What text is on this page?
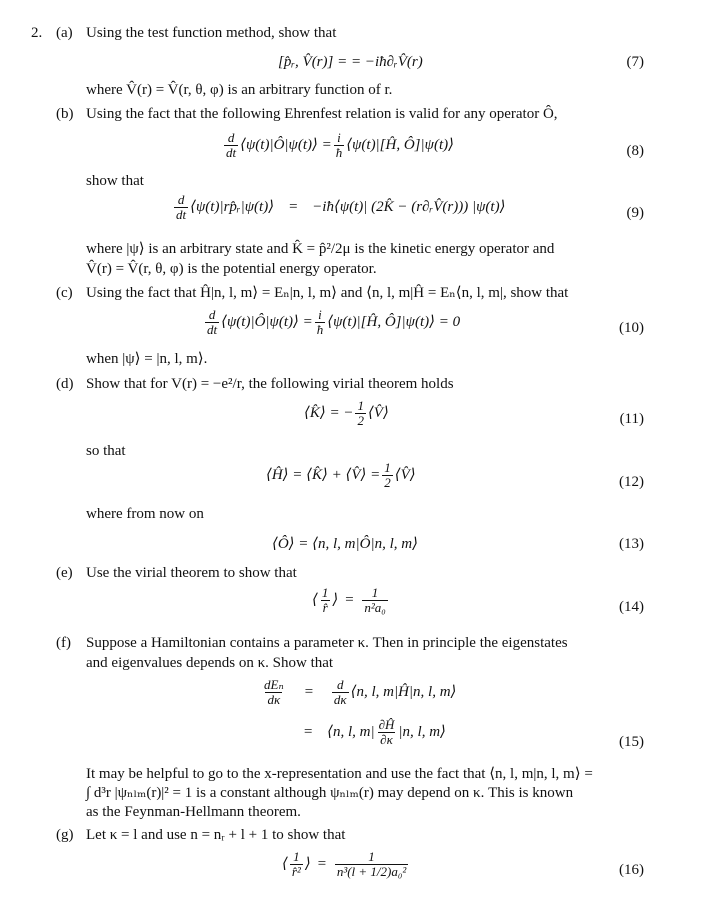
2. (a) Using the test function method, show that
[p̂ᵣ, V̂(r)] = = −iħ∂ᵣV̂(r)	(7)
where V̂(r) = V̂(r, θ, φ) is an arbitrary function of r.
(b) Using the fact that the following Ehrenfest relation is valid for any operator Ô,
$\frac{d}{dt}$ ⟨ψ(t)|Ô|ψ(t)⟩ = $\frac{i}{ħ}$ ⟨ψ(t)|[Ĥ, Ô]|ψ(t)⟩	(8)
show that
$\frac{d}{dt}$ ⟨ψ(t)|rp̂ᵣ|ψ(t)⟩ = −iħ⟨ψ(t)| (2K̂ − (r∂ᵣV̂(r))) |ψ(t)⟩	(9)
where |ψ⟩ is an arbitrary state and K̂ = p̂²/2μ is the kinetic energy operator and
V̂(r) = V̂(r, θ, φ) is the potential energy operator.
(c) Using the fact that Ĥ|n, l, m⟩ = Eₙ|n, l, m⟩ and ⟨n, l, m|Ĥ = Eₙ⟨n, l, m|, show that
$\frac{d}{dt}$ ⟨ψ(t)|Ô|ψ(t)⟩ = $\frac{i}{ħ}$ ⟨ψ(t)|[Ĥ, Ô]|ψ(t)⟩ = 0	(10)
when |ψ⟩ = |n, l, m⟩.
(d) Show that for V(r) = −e²/r, the following virial theorem holds
⟨K̂⟩ = − $\frac{1}{2}$ ⟨V̂⟩	(11)
so that
⟨Ĥ⟩ = ⟨K̂⟩ + ⟨V̂⟩ = $\frac{1}{2}$ ⟨V̂⟩	(12)
where from now on
⟨Ô⟩ = ⟨n, l, m|Ô|n, l, m⟩	(13)
(e) Use the virial theorem to show that
⟨ $\frac{1}{r̂}$ ⟩ = $\frac{1}{\text{n²a₀}}$	(14)
(f) Suppose a Hamiltonian contains a parameter κ. Then in principle the eigenstates
and eigenvalues depends on κ. Show that
$\frac{\text{dEₙ}}{d\kappa} = \frac{d}{d\kappa}$ ⟨n, l, m|Ĥ|n, l, m⟩
= ⟨n, l, $m| \frac{\partial Ĥ}{\partial\kappa} |n$, l, m⟩
(15)
It may be helpful to go to the x-representation and use the fact that ⟨n, l, m|n, l, m⟩ =
∫ d³r |ψₙₗₘ(r)|² = 1 is a constant although ψₙₗₘ(r) may depend on κ. This is known
as the Feynman-Hellmann theorem.
(g) Let κ = l and use n = nᵣ + l + 1 to show that
⟨ $\frac{1}{\text{r̂²}}$ ⟩ = $\frac{1}{\text{n³(l + 1/2)a₀²}}$	(16)
